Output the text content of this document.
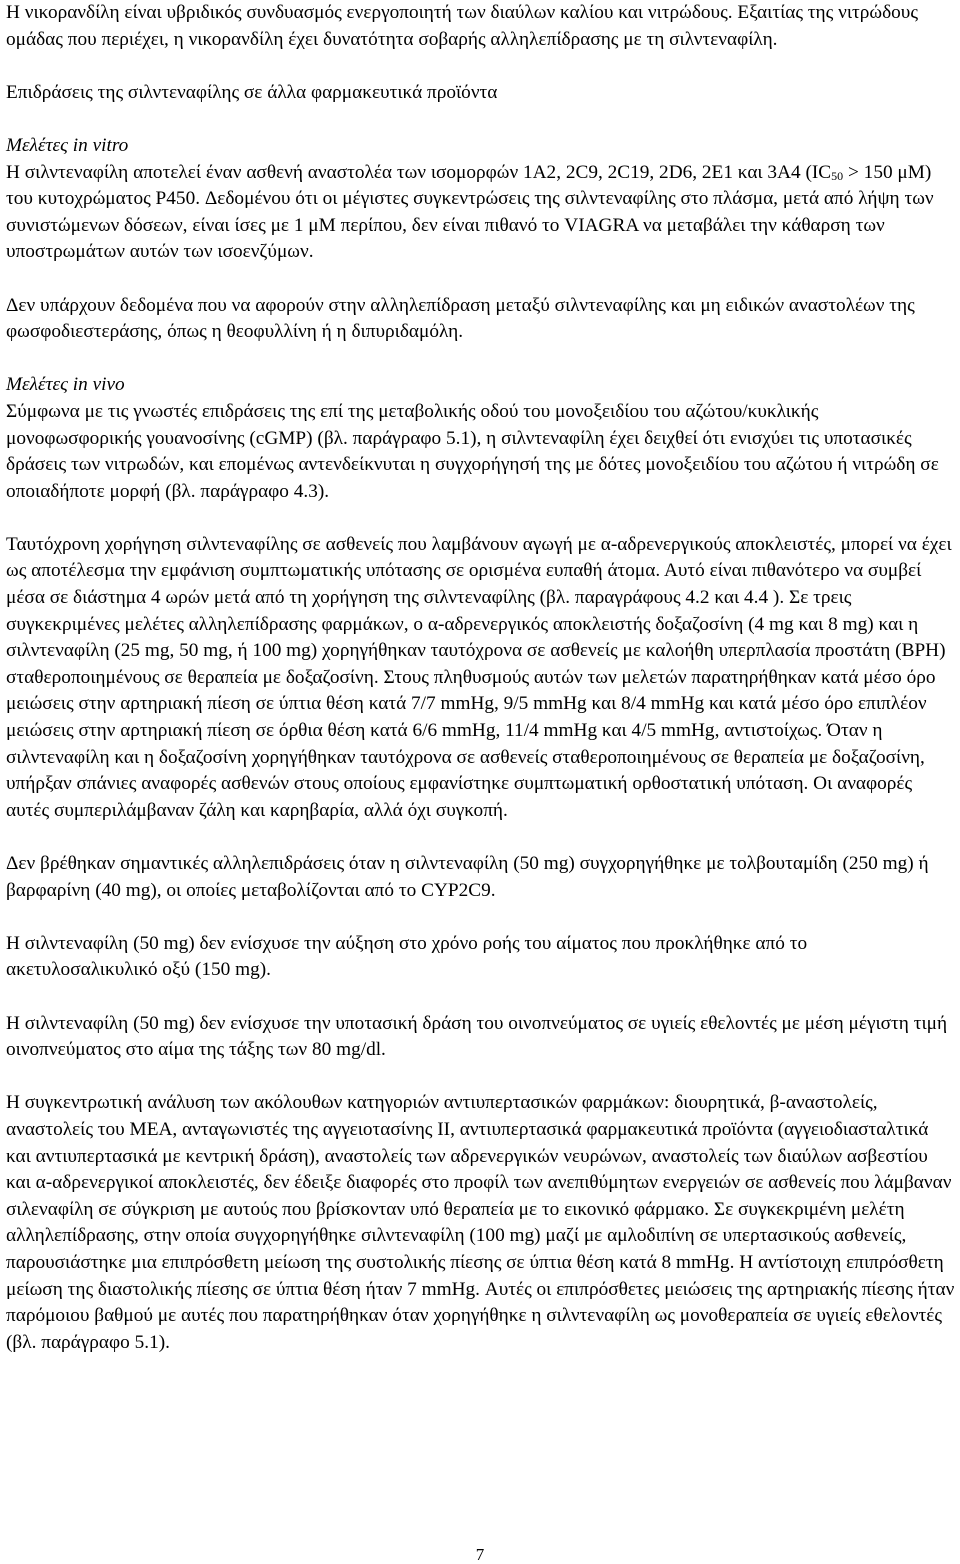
Η νικορανδίλη είναι υβριδικός συνδυασμός ενεργοποιητή των διαύλων καλίου και νιτρώδους. Εξαιτίας της νιτρώδους ομάδας που περιέχει, η νικορανδίλη έχει δυνατότητα σοβαρής αλληλεπίδρασης με τη σιλντεναφίλη.

Επιδράσεις της σιλντεναφίλης σε άλλα φαρμακευτικά προϊόντα

Μελέτες in vitro

Η σιλντεναφίλη αποτελεί έναν ασθενή αναστολέα των ισομορφών 1A2, 2C9, 2C19, 2D6, 2E1 και 3A4 ($IC_{50} > 150$ μM) του κυτοχρώματος P450. Δεδομένου ότι οι μέγιστες συγκεντρώσεις της σιλντεναφίλης στο πλάσμα, μετά από λήψη των συνιστώμενων δόσεων, είναι ίσες με 1 μM περίπου, δεν είναι πιθανό το VIAGRA να μεταβάλει την κάθαρση των υποστρωμάτων αυτών των ισοενζύμων.

Δεν υπάρχουν δεδομένα που να αφορούν στην αλληλεπίδραση μεταξύ σιλντεναφίλης και μη ειδικών αναστολέων της φωσφοδιεστεράσης, όπως η θεοφυλλίνη ή η διπυριδαμόλη.

Μελέτες in vivo

Σύμφωνα με τις γνωστές επιδράσεις της επί της μεταβολικής οδού του μονοξειδίου του αζώτου/κυκλικής μονοφωσφορικής γουανοσίνης (cGMP) (βλ. παράγραφο 5.1), η σιλντεναφίλη έχει δειχθεί ότι ενισχύει τις υποτασικές δράσεις των νιτρωδών, και επομένως αντενδείκνυται η συγχορήγησή της με δότες μονοξειδίου του αζώτου ή νιτρώδη σε οποιαδήποτε μορφή (βλ. παράγραφο 4.3).

Ταυτόχρονη χορήγηση σιλντεναφίλης σε ασθενείς που λαμβάνουν αγωγή με α-αδρενεργικούς αποκλειστές, μπορεί να έχει ως αποτέλεσμα την εμφάνιση συμπτωματικής υπότασης σε ορισμένα ευπαθή άτομα. Αυτό είναι πιθανότερο να συμβεί μέσα σε διάστημα 4 ωρών μετά από τη χορήγηση της σιλντεναφίλης (βλ. παραγράφους 4.2 και 4.4 ). Σε τρεις συγκεκριμένες μελέτες αλληλεπίδρασης φαρμάκων, ο α-αδρενεργικός αποκλειστής δοξαζοσίνη (4 mg και 8 mg) και η σιλντεναφίλη (25 mg, 50 mg, ή 100 mg) χορηγήθηκαν ταυτόχρονα σε ασθενείς με καλοήθη υπερπλασία προστάτη (BPH) σταθεροποιημένους σε θεραπεία με δοξαζοσίνη. Στους πληθυσμούς αυτών των μελετών παρατηρήθηκαν κατά μέσο όρο μειώσεις στην αρτηριακή πίεση σε ύπτια θέση κατά 7/7 mmHg, 9/5 mmHg και 8/4 mmHg και κατά μέσο όρο επιπλέον μειώσεις στην αρτηριακή πίεση σε όρθια θέση κατά 6/6 mmHg, 11/4 mmHg και 4/5 mmHg, αντιστοίχως. Όταν η σιλντεναφίλη και η δοξαζοσίνη χορηγήθηκαν ταυτόχρονα σε ασθενείς σταθεροποιημένους σε θεραπεία με δοξαζοσίνη, υπήρξαν σπάνιες αναφορές ασθενών στους οποίους εμφανίστηκε συμπτωματική ορθοστατική υπόταση. Οι αναφορές αυτές συμπεριλάμβαναν ζάλη και καρηβαρία, αλλά όχι συγκοπή.

Δεν βρέθηκαν σημαντικές αλληλεπιδράσεις όταν η σιλντεναφίλη (50 mg) συγχορηγήθηκε με τολβουταμίδη (250 mg) ή βαρφαρίνη (40 mg), οι οποίες μεταβολίζονται από το CYP2C9.

Η σιλντεναφίλη (50 mg) δεν ενίσχυσε την αύξηση στο χρόνο ροής του αίματος που προκλήθηκε από το ακετυλοσαλικυλικό οξύ (150 mg).

Η σιλντεναφίλη (50 mg) δεν ενίσχυσε την υποτασική δράση του οινοπνεύματος σε υγιείς εθελοντές με μέση μέγιστη τιμή οινοπνεύματος στο αίμα της τάξης των 80 mg/dl.

Η συγκεντρωτική ανάλυση των ακόλουθων κατηγοριών αντιυπερτασικών φαρμάκων: διουρητικά, β-αναστολείς, αναστολείς του ΜΕΑ, ανταγωνιστές της αγγειοτασίνης ΙΙ, αντιυπερτασικά φαρμακευτικά προϊόντα (αγγειοδιασταλτικά και αντιυπερτασικά με κεντρική δράση), αναστολείς των αδρενεργικών νευρώνων, αναστολείς των διαύλων ασβεστίου και α-αδρενεργικοί αποκλειστές, δεν έδειξε διαφορές στο προφίλ των ανεπιθύμητων ενεργειών σε ασθενείς που λάμβαναν σιλεναφίλη σε σύγκριση με αυτούς που βρίσκονταν υπό θεραπεία με το εικονικό φάρμακο. Σε συγκεκριμένη μελέτη αλληλεπίδρασης, στην οποία συγχορηγήθηκε σιλντεναφίλη (100 mg) μαζί με αμλοδιπίνη σε υπερτασικούς ασθενείς, παρουσιάστηκε μια επιπρόσθετη μείωση της συστολικής πίεσης σε ύπτια θέση κατά 8 mmHg. Η αντίστοιχη επιπρόσθετη μείωση της διαστολικής πίεσης σε ύπτια θέση ήταν 7 mmHg. Αυτές οι επιπρόσθετες μειώσεις της αρτηριακής πίεσης ήταν παρόμοιου βαθμού με αυτές που παρατηρήθηκαν όταν χορηγήθηκε η σιλντεναφίλη ως μονοθεραπεία σε υγιείς εθελοντές (βλ. παράγραφο 5.1).

7
